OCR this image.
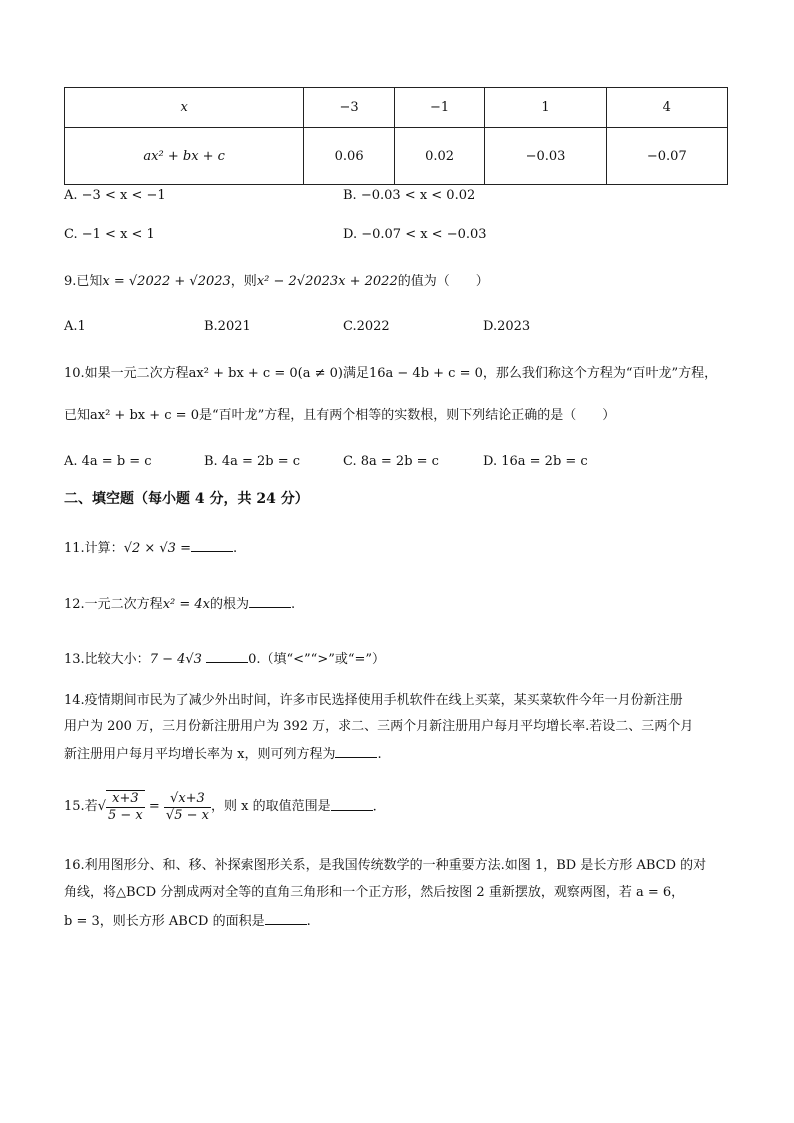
x	−3	−1	1	4
ax² + bx + c	0.06	0.02	−0.03	−0.07
A. −3 < x < −1	B. −0.03 < x < 0.02
C. −1 < x < 1	D. −0.07 < x < −0.03
9.已知x = √2022 + √2023，则x² − 2√2023x + 2022的值为（　　）
A.1	B.2021	C.2022	D.2023
10.如果一元二次方程ax² + bx + c = 0(a ≠ 0)满足16a − 4b + c = 0，那么我们称这个方程为“百叶龙”方程，
已知ax² + bx + c = 0是“百叶龙”方程，且有两个相等的实数根，则下列结论正确的是（　　）
A. 4a = b = c	B. 4a = 2b = c	C. 8a = 2b = c	D. 16a = 2b = c
二、填空题（每小题 4 分，共 24 分）
11.计算：√2 × √3 =	.
12.一元二次方程x² = 4x的根为	.
13.比较大小：7 − 4√3	0.（填“<”“>”或“=”）
14.疫情期间市民为了减少外出时间，许多市民选择使用手机软件在线上买菜，某买菜软件今年一月份新注册
用户为 200 万，三月份新注册用户为 392 万，求二、三两个月新注册用户每月平均增长率.若设二、三两个月
新注册用户每月平均增长率为 x，则可列方程为	.
15.若√ $\frac{x+3}{5 - x} = \frac{√x+3}{√5 - x}$ ，则 x 的取值范围是	.
16.利用图形分、和、移、补探索图形关系，是我国传统数学的一种重要方法.如图 1，BD 是长方形 ABCD 的对
角线，将△BCD 分割成两对全等的直角三角形和一个正方形，然后按图 2 重新摆放，观察两图，若 a = 6，
b = 3，则长方形 ABCD 的面积是	.
